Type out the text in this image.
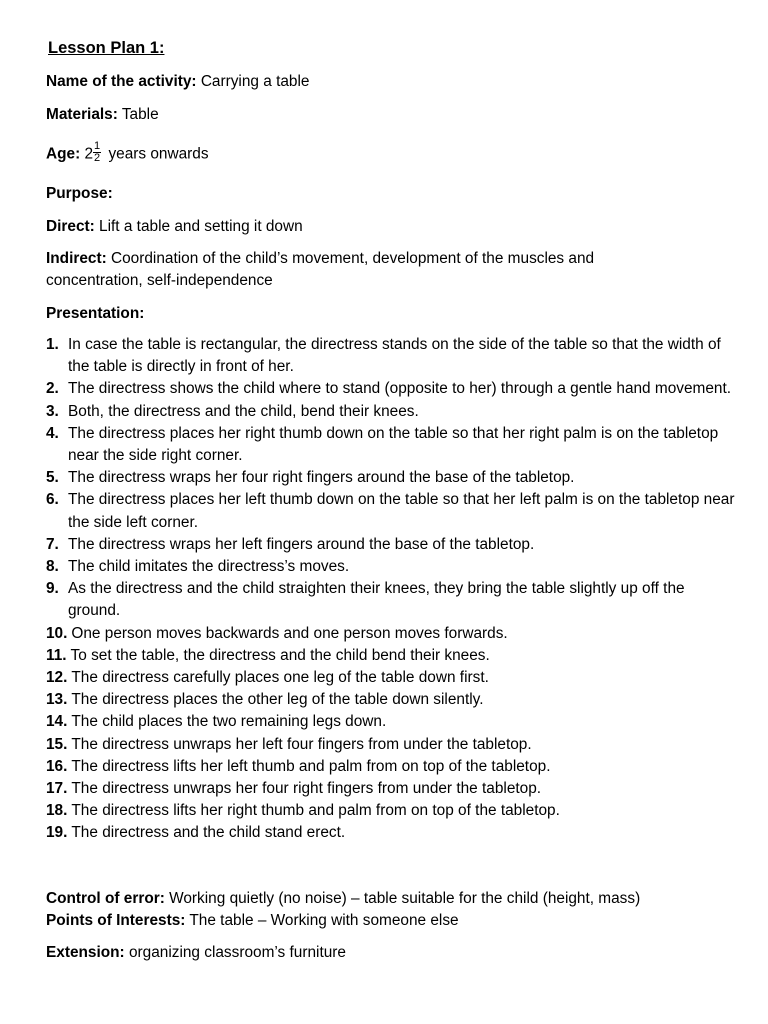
Lesson Plan 1:
Name of the activity: Carrying a table
Materials: Table
Age: $2 \frac{1}{2}$ years onwards
Purpose:
Direct: Lift a table and setting it down
Indirect: Coordination of the child’s movement, development of the muscles and concentration, self-independence
Presentation:
1. In case the table is rectangular, the directress stands on the side of the table so that the width of the table is directly in front of her.
2. The directress shows the child where to stand (opposite to her) through a gentle hand movement.
3. Both, the directress and the child, bend their knees.
4. The directress places her right thumb down on the table so that her right palm is on the tabletop near the side right corner.
5. The directress wraps her four right fingers around the base of the tabletop.
6. The directress places her left thumb down on the table so that her left palm is on the tabletop near the side left corner.
7. The directress wraps her left fingers around the base of the tabletop.
8. The child imitates the directress’s moves.
9. As the directress and the child straighten their knees, they bring the table slightly up off the ground.
10. One person moves backwards and one person moves forwards.
11. To set the table, the directress and the child bend their knees.
12. The directress carefully places one leg of the table down first.
13. The directress places the other leg of the table down silently.
14. The child places the two remaining legs down.
15. The directress unwraps her left four fingers from under the tabletop.
16. The directress lifts her left thumb and palm from on top of the tabletop.
17. The directress unwraps her four right fingers from under the tabletop.
18. The directress lifts her right thumb and palm from on top of the tabletop.
19. The directress and the child stand erect.
Control of error: Working quietly (no noise) – table suitable for the child (height, mass)
Points of Interests: The table – Working with someone else
Extension: organizing classroom’s furniture
